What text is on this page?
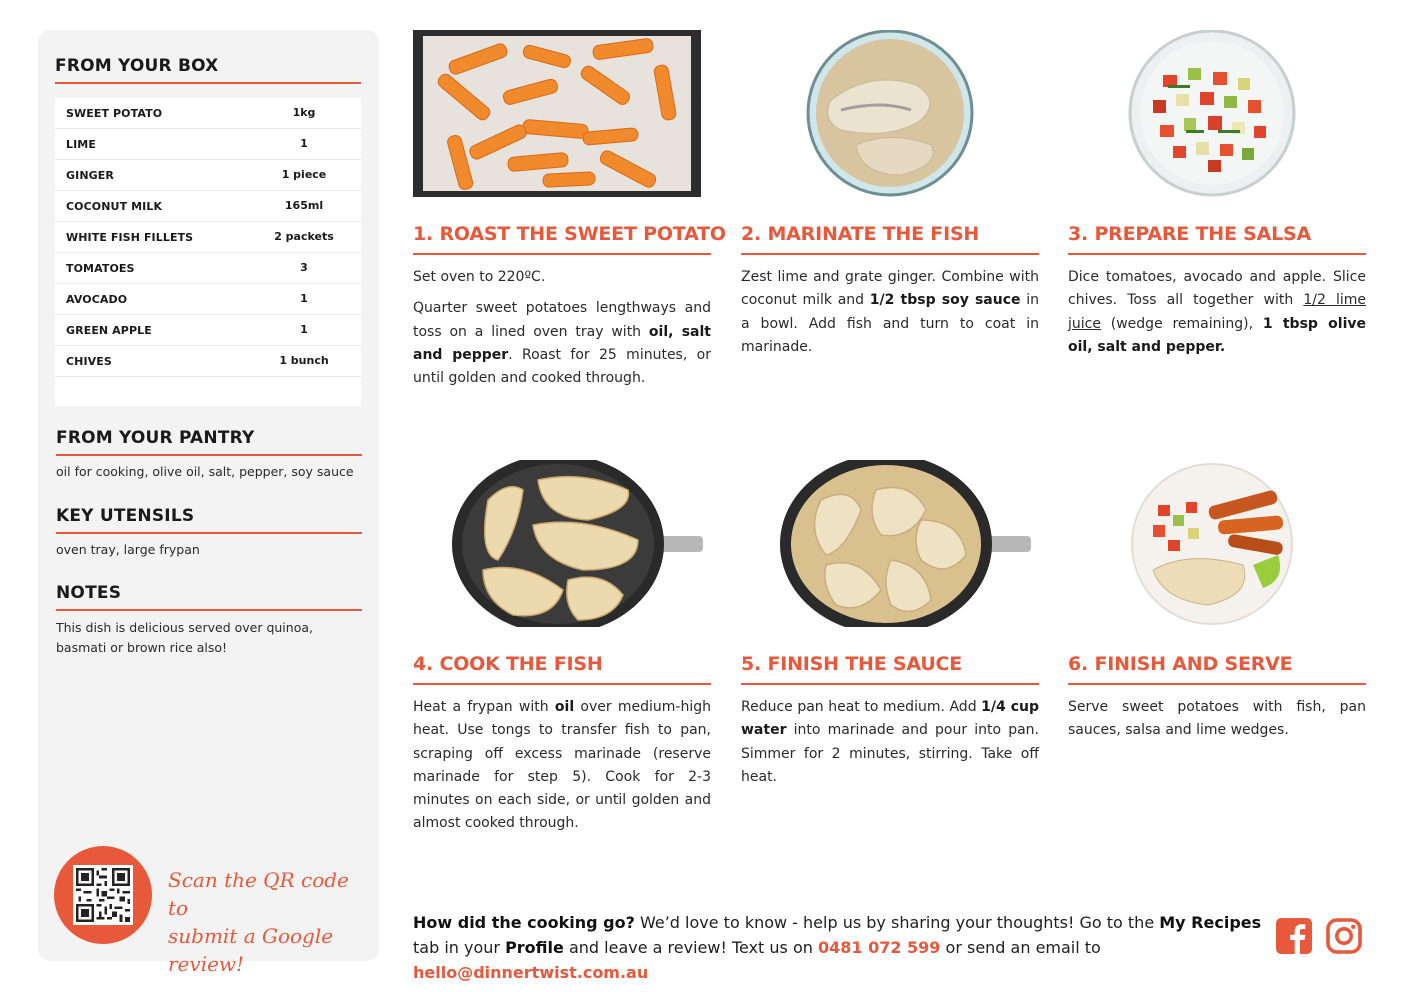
FROM YOUR BOX
SWEET POTATO	1kg
LIME	1
GINGER	1 piece
COCONUT MILK	165ml
WHITE FISH FILLETS	2 packets
TOMATOES	3
AVOCADO	1
GREEN APPLE	1
CHIVES	1 bunch
FROM YOUR PANTRY
oil for cooking, olive oil, salt, pepper, soy sauce
KEY UTENSILS
oven tray, large frypan
NOTES
This dish is delicious served over quinoa, basmati or brown rice also!
Scan the QR code to
submit a Google review!
1. ROAST THE SWEET POTATO

Set oven to 220ºC.

Quarter sweet potatoes lengthways and toss on a lined oven tray with oil, salt and pepper. Roast for 25 minutes, or until golden and cooked through.

2. MARINATE THE FISH

Zest lime and grate ginger. Combine with coconut milk and 1/2 tbsp soy sauce in a bowl. Add fish and turn to coat in marinade.

3. PREPARE THE SALSA

Dice tomatoes, avocado and apple. Slice chives. Toss all together with 1/2 lime juice (wedge remaining), 1 tbsp olive oil, salt and pepper.

4. COOK THE FISH

Heat a frypan with oil over medium-high heat. Use tongs to transfer fish to pan, scraping off excess marinade (reserve marinade for step 5). Cook for 2-3 minutes on each side, or until golden and almost cooked through.

5. FINISH THE SAUCE

Reduce pan heat to medium. Add 1/4 cup water into marinade and pour into pan. Simmer for 2 minutes, stirring. Take off heat.

6. FINISH AND SERVE

Serve sweet potatoes with fish, pan sauces, salsa and lime wedges.

How did the cooking go? We’d love to know - help us by sharing your thoughts! Go to the My Recipes tab in your Profile and leave a review! Text us on 0481 072 599 or send an email to hello@dinnertwist.com.au
